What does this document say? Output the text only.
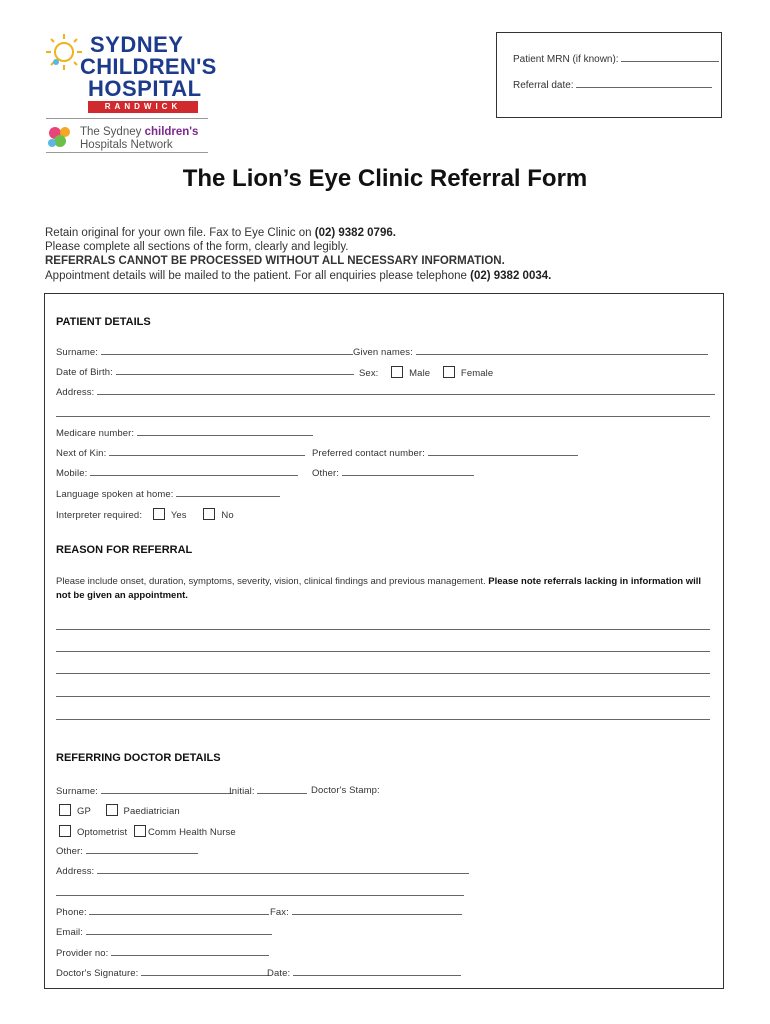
SYDNEY
CHILDREN'S
HOSPITAL
RANDWICK
The Sydney children's
Hospitals Network
Patient MRN (if known):
Referral date:
The Lion’s Eye Clinic Referral Form
Retain original for your own file. Fax to Eye Clinic on (02) 9382 0796.
Please complete all sections of the form, clearly and legibly.
REFERRALS CANNOT BE PROCESSED WITHOUT ALL NECESSARY INFORMATION.
Appointment details will be mailed to the patient. For all enquiries please telephone (02) 9382 0034.
PATIENT DETAILS
Surname:	Given names:
Date of Birth:	Sex:	Male	Female
Address:
Medicare number:
Next of Kin:	Preferred contact number:
Mobile:	Other:
Language spoken at home:
Interpreter required:	Yes	No
REASON FOR REFERRAL
Please include onset, duration, symptoms, severity, vision, clinical findings and previous management. Please note referrals lacking in information will not be given an appointment.
REFERRING DOCTOR DETAILS
Surname:	Initial:	Doctor's Stamp:
GP	Paediatrician
Optometrist Comm Health Nurse
Other:
Address:
Phone:	Fax:
Email:
Provider no:
Doctor's Signature:	Date:
